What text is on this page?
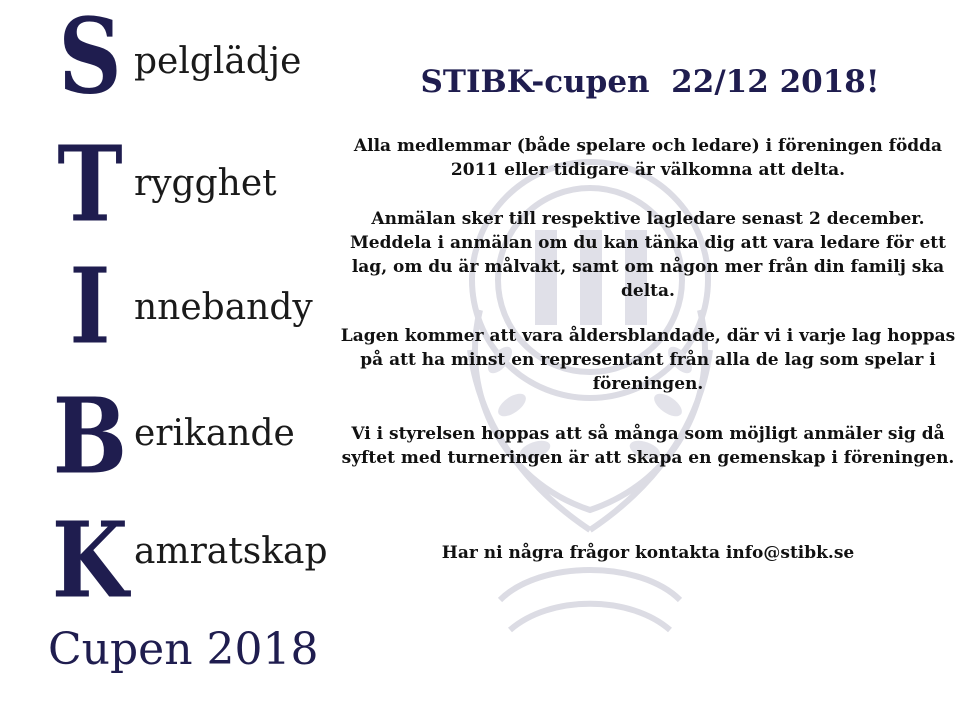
S pelglädje
T rygghet
I nnebandy
B erikande
K amratskap
Cupen 2018
STIBK-cupen  22/12 2018!
Alla medlemmar (både spelare och ledare) i föreningen födda 2011 eller tidigare är välkomna att delta.
Anmälan sker till respektive lagledare senast 2 december. Meddela i anmälan om du kan tänka dig att vara ledare för ett lag, om du är målvakt, samt om någon mer från din familj ska delta.
Lagen kommer att vara åldersblandade, där vi i varje lag hoppas på att ha minst en representant från alla de lag som spelar i föreningen.
Vi i styrelsen hoppas att så många som möjligt anmäler sig då syftet med turneringen är att skapa en gemenskap i föreningen.
Har ni några frågor kontakta info@stibk.se
